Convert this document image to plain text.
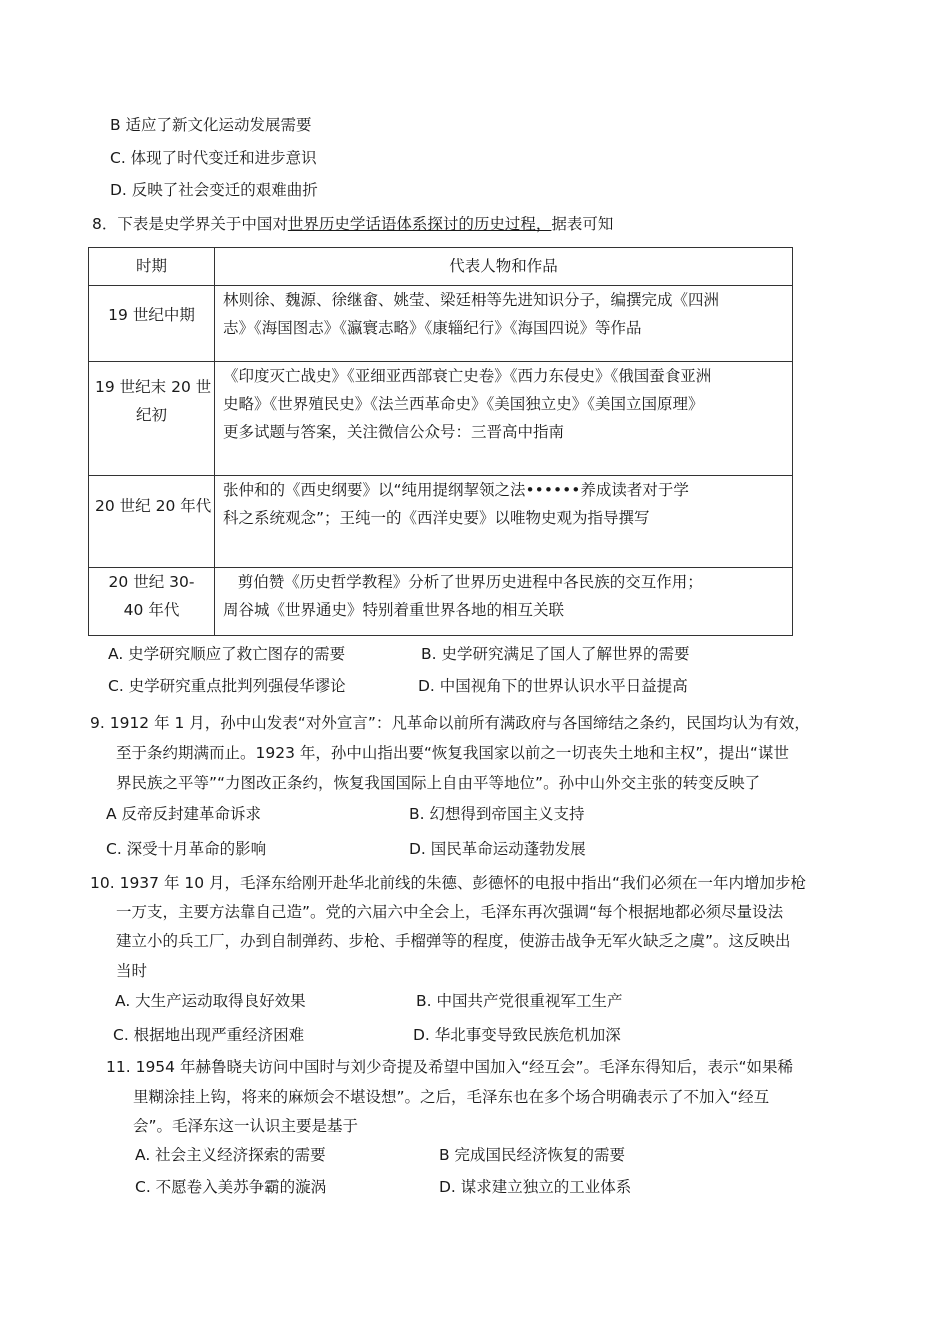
B 适应了新文化运动发展需要
C. 体现了时代变迁和进步意识
D. 反映了社会变迁的艰难曲折
8．下表是史学界关于中国对世界历史学话语体系探讨的历史过程，据表可知
时期	代表人物和作品

19 世纪中期	林则徐、魏源、徐继畲、姚莹、梁廷枏等先进知识分子，编撰完成《四洲
志》《海国图志》《瀛寰志略》《康辎纪行》《海国四说》等作品

19 世纪末 20 世
纪初	《印度灭亡战史》《亚细亚西部衰亡史卷》《西力东侵史》《俄国蚕食亚洲
史略》《世界殖民史》《法兰西革命史》《美国独立史》《美国立国原理》
更多试题与答案，关注微信公众号：三晋高中指南

20 世纪 20 年代	张仲和的《西史纲要》以“纯用提纲挈领之法••••••养成读者对于学
科之系统观念”；王纯一的《西洋史要》以唯物史观为指导撰写

20 世纪 30-
40 年代	剪伯赞《历史哲学教程》分析了世界历史进程中各民族的交互作用；
周谷城《世界通史》特别着重世界各地的相互关联
A. 史学研究顺应了救亡图存的需要	B. 史学研究满足了国人了解世界的需要
C. 史学研究重点批判列强侵华谬论	D. 中国视角下的世界认识水平日益提高
9. 1912 年 1 月，孙中山发表“对外宣言”：凡革命以前所有满政府与各国缔结之条约，民国均认为有效，
至于条约期满而止。1923 年，孙中山指出要“恢复我国家以前之一切丧失土地和主权”，提出“谋世
界民族之平等”“力图改正条约，恢复我国国际上自由平等地位”。孙中山外交主张的转变反映了
A 反帝反封建革命诉求	B. 幻想得到帝国主义支持
C. 深受十月革命的影响	D. 国民革命运动蓬勃发展
10. 1937 年 10 月，毛泽东给刚开赴华北前线的朱德、彭德怀的电报中指出“我们必须在一年内增加步枪
一万支，主要方法靠自己造”。党的六届六中全会上，毛泽东再次强调“每个根据地都必须尽量设法
建立小的兵工厂，办到自制弹药、步枪、手榴弹等的程度，使游击战争无军火缺乏之虞”。这反映出
当时
A. 大生产运动取得良好效果	B. 中国共产党很重视军工生产
C. 根据地出现严重经济困难	D. 华北事变导致民族危机加深
11. 1954 年赫鲁晓夫访问中国时与刘少奇提及希望中国加入“经互会”。毛泽东得知后，表示“如果稀
里糊涂挂上钩，将来的麻烦会不堪设想”。之后，毛泽东也在多个场合明确表示了不加入“经互
会”。毛泽东这一认识主要是基于
A. 社会主义经济探索的需要	B 完成国民经济恢复的需要
C. 不愿卷入美苏争霸的漩涡	D. 谋求建立独立的工业体系
